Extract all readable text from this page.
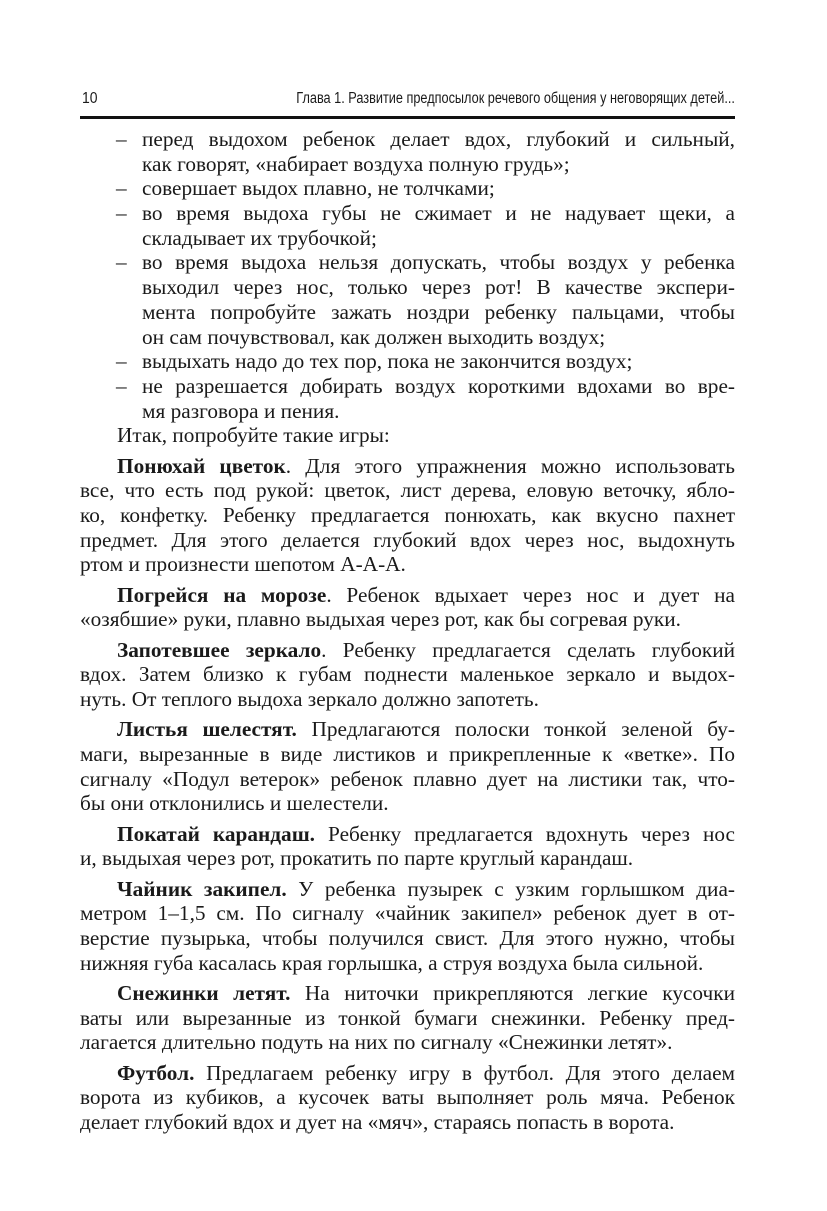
10	Глава 1. Развитие предпосылок речевого общения у неговорящих детей...
– перед выдохом ребенок делает вдох, глубокий и сильный,
как говорят, «набирает воздуха полную грудь»;
– совершает выдох плавно, не толчками;
– во время выдоха губы не сжимает и не надувает щеки, а
складывает их трубочкой;
– во время выдоха нельзя допускать, чтобы воздух у ребенка
выходил через нос, только через рот! В качестве экспери-
мента попробуйте зажать ноздри ребенку пальцами, чтобы
он сам почувствовал, как должен выходить воздух;
– выдыхать надо до тех пор, пока не закончится воздух;
– не разрешается добирать воздух короткими вдохами во вре-
мя разговора и пения.
Итак, попробуйте такие игры:
Понюхай цветок. Для этого упражнения можно использовать
все, что есть под рукой: цветок, лист дерева, еловую веточку, ябло-
ко, конфетку. Ребенку предлагается понюхать, как вкусно пахнет
предмет. Для этого делается глубокий вдох через нос, выдохнуть
ртом и произнести шепотом А-А-А.
Погрейся на морозе. Ребенок вдыхает через нос и дует на
«озябшие» руки, плавно выдыхая через рот, как бы согревая руки.
Запотевшее зеркало. Ребенку предлагается сделать глубокий
вдох. Затем близко к губам поднести маленькое зеркало и выдох-
нуть. От теплого выдоха зеркало должно запотеть.
Листья шелестят. Предлагаются полоски тонкой зеленой бу-
маги, вырезанные в виде листиков и прикрепленные к «ветке». По
сигналу «Подул ветерок» ребенок плавно дует на листики так, что-
бы они отклонились и шелестели.
Покатай карандаш. Ребенку предлагается вдохнуть через нос
и, выдыхая через рот, прокатить по парте круглый карандаш.
Чайник закипел. У ребенка пузырек с узким горлышком диа-
метром 1–1,5 см. По сигналу «чайник закипел» ребенок дует в от-
верстие пузырька, чтобы получился свист. Для этого нужно, чтобы
нижняя губа касалась края горлышка, а струя воздуха была сильной.
Снежинки летят. На ниточки прикрепляются легкие кусочки
ваты или вырезанные из тонкой бумаги снежинки. Ребенку пред-
лагается длительно подуть на них по сигналу «Снежинки летят».
Футбол. Предлагаем ребенку игру в футбол. Для этого делаем
ворота из кубиков, а кусочек ваты выполняет роль мяча. Ребенок
делает глубокий вдох и дует на «мяч», стараясь попасть в ворота.
